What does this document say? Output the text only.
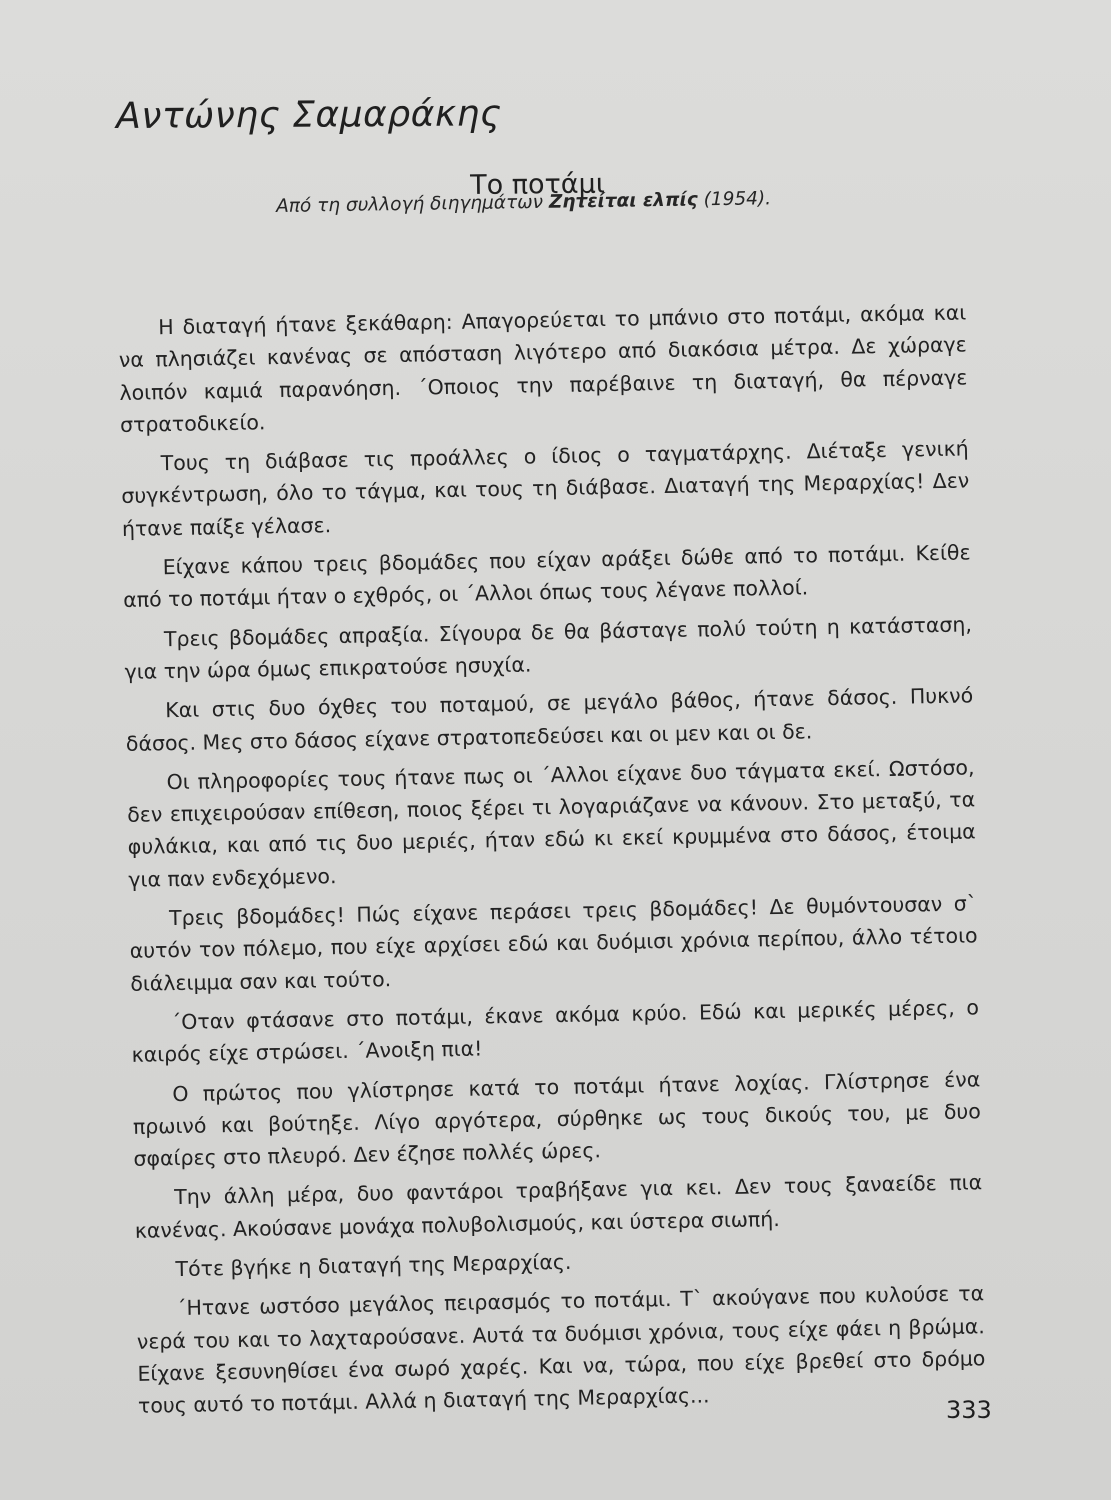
Αντώνης Σαμαράκης
Το ποτάμι
Από τη συλλογή διηγημάτων Ζητείται ελπίς (1954).

Η διαταγή ήτανε ξεκάθαρη: Απαγορεύεται το μπάνιο στο ποτάμι, ακόμα και να πλησιάζει κανένας σε απόσταση λιγότερο από διακόσια μέτρα. Δε χώραγε λοιπόν καμιά παρανόηση. ΄Οποιος την παρέβαινε τη διαταγή, θα πέρναγε στρατοδικείο.

Τους τη διάβασε τις προάλλες ο ίδιος ο ταγματάρχης. Διέταξε γενική συγκέντρωση, όλο το τάγμα, και τους τη διάβασε. Διαταγή της Μεραρχίας! Δεν ήτανε παίξε γέλασε.

Είχανε κάπου τρεις βδομάδες που είχαν αράξει δώθε από το ποτάμι. Κείθε από το ποτάμι ήταν ο εχθρός, οι ΄Αλλοι όπως τους λέγανε πολλοί.

Τρεις βδομάδες απραξία. Σίγουρα δε θα βάσταγε πολύ τούτη η κατάσταση, για την ώρα όμως επικρατούσε ησυχία.

Και στις δυο όχθες του ποταμού, σε μεγάλο βάθος, ήτανε δάσος. Πυκνό δάσος. Μες στο δάσος είχανε στρατοπεδεύσει και οι μεν και οι δε.

Οι πληροφορίες τους ήτανε πως οι ΄Αλλοι είχανε δυο τάγματα εκεί. Ωστόσο, δεν επιχειρούσαν επίθεση, ποιος ξέρει τι λογαριάζανε να κάνουν. Στο μεταξύ, τα φυλάκια, και από τις δυο μεριές, ήταν εδώ κι εκεί κρυμμένα στο δάσος, έτοιμα για παν ενδεχόμενο.

Τρεις βδομάδες! Πώς είχανε περάσει τρεις βδομάδες! Δε θυμόντουσαν σ` αυτόν τον πόλεμο, που είχε αρχίσει εδώ και δυόμισι χρόνια περίπου, άλλο τέτοιο διάλειμμα σαν και τούτο.

΄Οταν φτάσανε στο ποτάμι, έκανε ακόμα κρύο. Εδώ και μερικές μέρες, ο καιρός είχε στρώσει. ΄Ανοιξη πια!

Ο πρώτος που γλίστρησε κατά το ποτάμι ήτανε λοχίας. Γλίστρησε ένα πρωινό και βούτηξε. Λίγο αργότερα, σύρθηκε ως τους δικούς του, με δυο σφαίρες στο πλευρό. Δεν έζησε πολλές ώρες.

Την άλλη μέρα, δυο φαντάροι τραβήξανε για κει. Δεν τους ξαναείδε πια κανένας. Ακούσανε μονάχα πολυβολισμούς, και ύστερα σιωπή.

Τότε βγήκε η διαταγή της Μεραρχίας.

΄Ητανε ωστόσο μεγάλος πειρασμός το ποτάμι. Τ` ακούγανε που κυλούσε τα νερά του και το λαχταρούσανε. Αυτά τα δυόμισι χρόνια, τους είχε φάει η βρώμα. Είχανε ξεσυνηθίσει ένα σωρό χαρές. Και να, τώρα, που είχε βρεθεί στο δρόμο τους αυτό το ποτάμι. Αλλά η διαταγή της Μεραρχίας...	333
